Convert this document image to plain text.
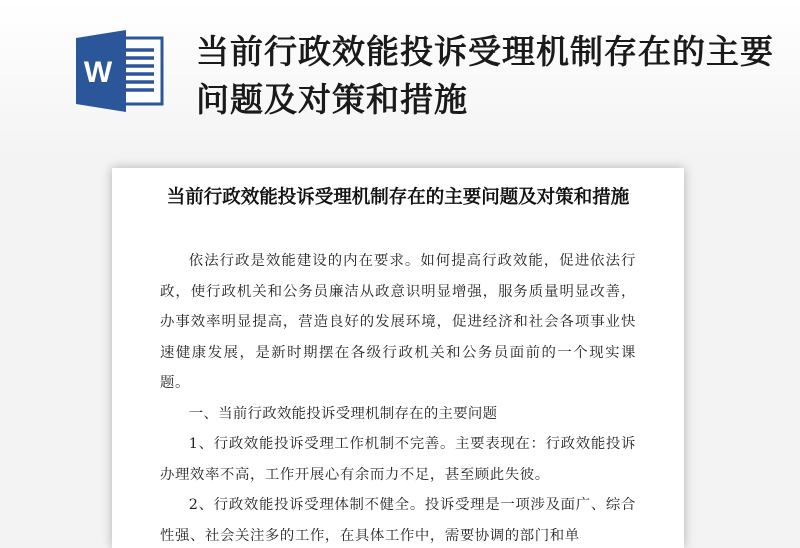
W
当前行政效能投诉受理机制存在的主要问题及对策和措施
当前行政效能投诉受理机制存在的主要问题及对策和措施

依法行政是效能建设的内在要求。如何提高行政效能，促进依法行政，使行政机关和公务员廉洁从政意识明显增强，服务质量明显改善，办事效率明显提高，营造良好的发展环境，促进经济和社会各项事业快速健康发展，是新时期摆在各级行政机关和公务员面前的一个现实课题。

一、当前行政效能投诉受理机制存在的主要问题

1、行政效能投诉受理工作机制不完善。主要表现在：行政效能投诉办理效率不高，工作开展心有余而力不足，甚至顾此失彼。

2、行政效能投诉受理体制不健全。投诉受理是一项涉及面广、综合性强、社会关注多的工作，在具体工作中，需要协调的部门和单
